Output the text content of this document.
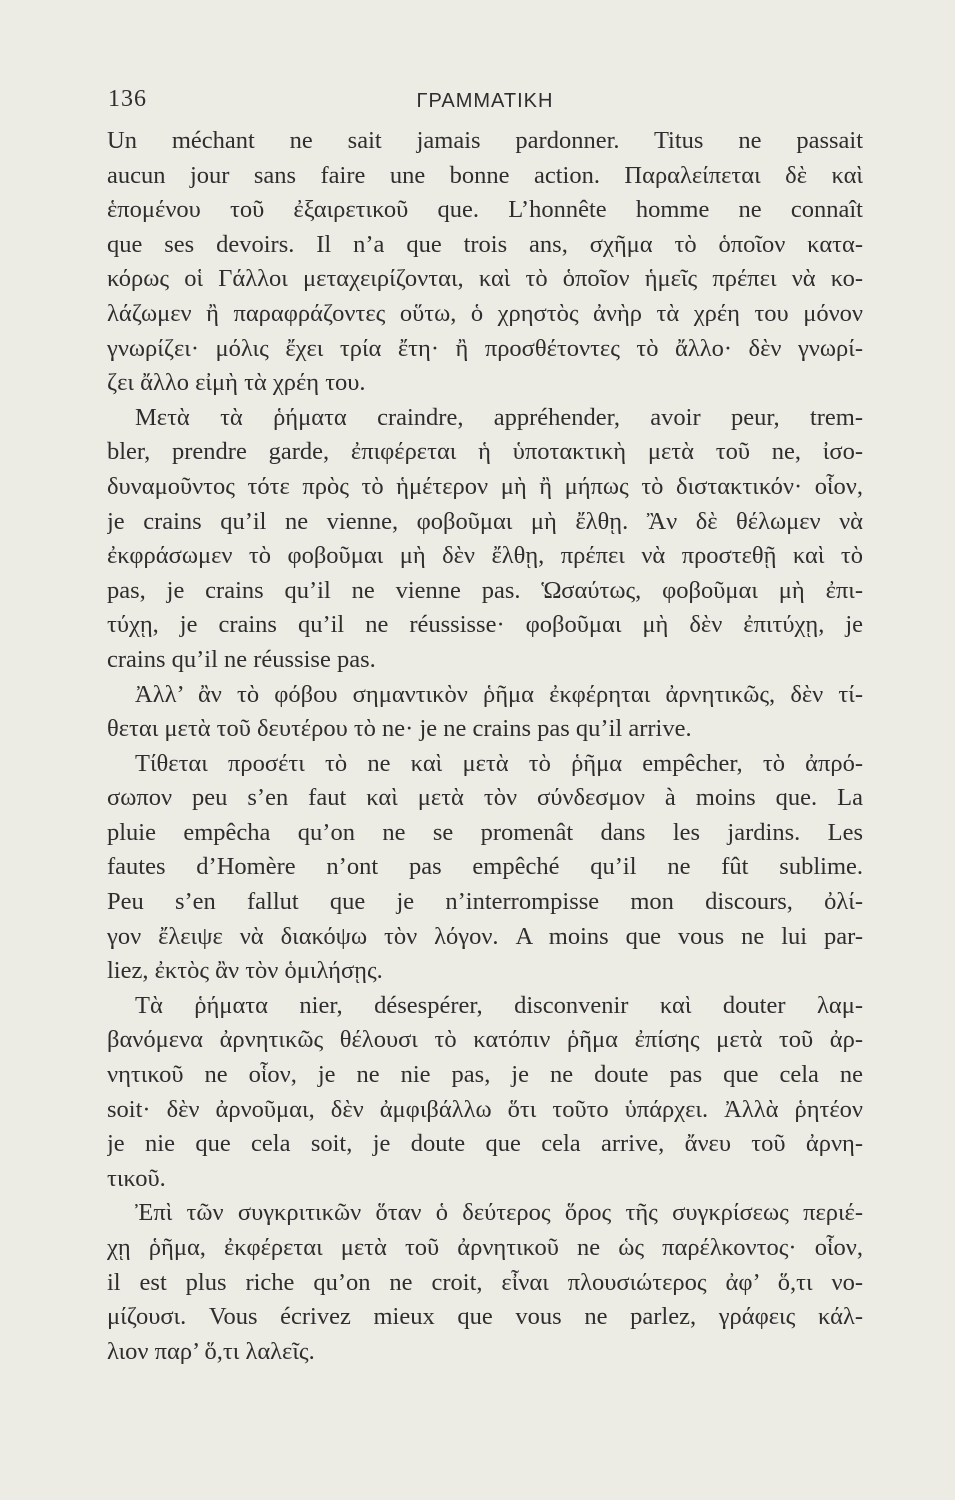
136	ΓΡΑΜΜΑΤΙΚΗ
Un méchant ne sait jamais pardonner. Titus ne passait
aucun jour sans faire une bonne action. Παραλείπεται δὲ καὶ
ἑπομένου τοῦ ἐξαιρετικοῦ que. L’honnête homme ne connaît
que ses devoirs. Il n’a que trois ans, σχῆμα τὸ ὁποῖον κατα-
κόρως οἱ Γάλλοι μεταχειρίζονται, καὶ τὸ ὁποῖον ἡμεῖς πρέπει νὰ κο-
λάζωμεν ἢ παραφράζοντες οὕτω, ὁ χρηστὸς ἀνὴρ τὰ χρέη του μόνον
γνωρίζει· μόλις ἔχει τρία ἔτη· ἢ προσθέτοντες τὸ ἄλλο· δὲν γνωρί-
ζει ἄλλο εἰμὴ τὰ χρέη του.
Μετὰ τὰ ῥήματα craindre, appréhender, avoir peur, trem-
bler, prendre garde, ἐπιφέρεται ἡ ὑποτακτικὴ μετὰ τοῦ ne, ἰσο-
δυναμοῦντος τότε πρὸς τὸ ἡμέτερον μὴ ἢ μήπως τὸ διστακτικόν· οἷον,
je crains qu’il ne vienne, φοβοῦμαι μὴ ἔλθῃ. Ἂν δὲ θέλωμεν νὰ
ἐκφράσωμεν τὸ φοβοῦμαι μὴ δὲν ἔλθῃ, πρέπει νὰ προστεθῇ καὶ τὸ
pas, je crains qu’il ne vienne pas. Ὡσαύτως, φοβοῦμαι μὴ ἐπι-
τύχῃ, je crains qu’il ne réussisse· φοβοῦμαι μὴ δὲν ἐπιτύχῃ, je
crains qu’il ne réussise pas.
Ἀλλ’ ἂν τὸ φόβου σημαντικὸν ῥῆμα ἐκφέρηται ἀρνητικῶς, δὲν τί-
θεται μετὰ τοῦ δευτέρου τὸ ne· je ne crains pas qu’il arrive.
Τίθεται προσέτι τὸ ne καὶ μετὰ τὸ ῥῆμα empêcher, τὸ ἀπρό-
σωπον peu s’en faut καὶ μετὰ τὸν σύνδεσμον à moins que. La
pluie empêcha qu’on ne se promenât dans les jardins. Les
fautes d’Homère n’ont pas empêché qu’il ne fût sublime.
Peu s’en fallut que je n’interrompisse mon discours, ὀλί-
γον ἔλειψε νὰ διακόψω τὸν λόγον. A moins que vous ne lui par-
liez, ἐκτὸς ἂν τὸν ὁμιλήσῃς.
Τὰ ῥήματα nier, désespérer, disconvenir καὶ douter λαμ-
βανόμενα ἀρνητικῶς θέλουσι τὸ κατόπιν ῥῆμα ἐπίσης μετὰ τοῦ ἀρ-
νητικοῦ ne οἷον, je ne nie pas, je ne doute pas que cela ne
soit· δὲν ἀρνοῦμαι, δὲν ἀμφιβάλλω ὅτι τοῦτο ὑπάρχει. Ἀλλὰ ῥητέον
je nie que cela soit, je doute que cela arrive, ἄνευ τοῦ ἀρνη-
τικοῦ.
Ἐπὶ τῶν συγκριτικῶν ὅταν ὁ δεύτερος ὅρος τῆς συγκρίσεως περιέ-
χῃ ῥῆμα, ἐκφέρεται μετὰ τοῦ ἀρνητικοῦ ne ὡς παρέλκοντος· οἷον,
il est plus riche qu’on ne croit, εἶναι πλουσιώτερος ἀφ’ ὅ,τι νο-
μίζουσι. Vous écrivez mieux que vous ne parlez, γράφεις κάλ-
λιον παρ’ ὅ,τι λαλεῖς.
